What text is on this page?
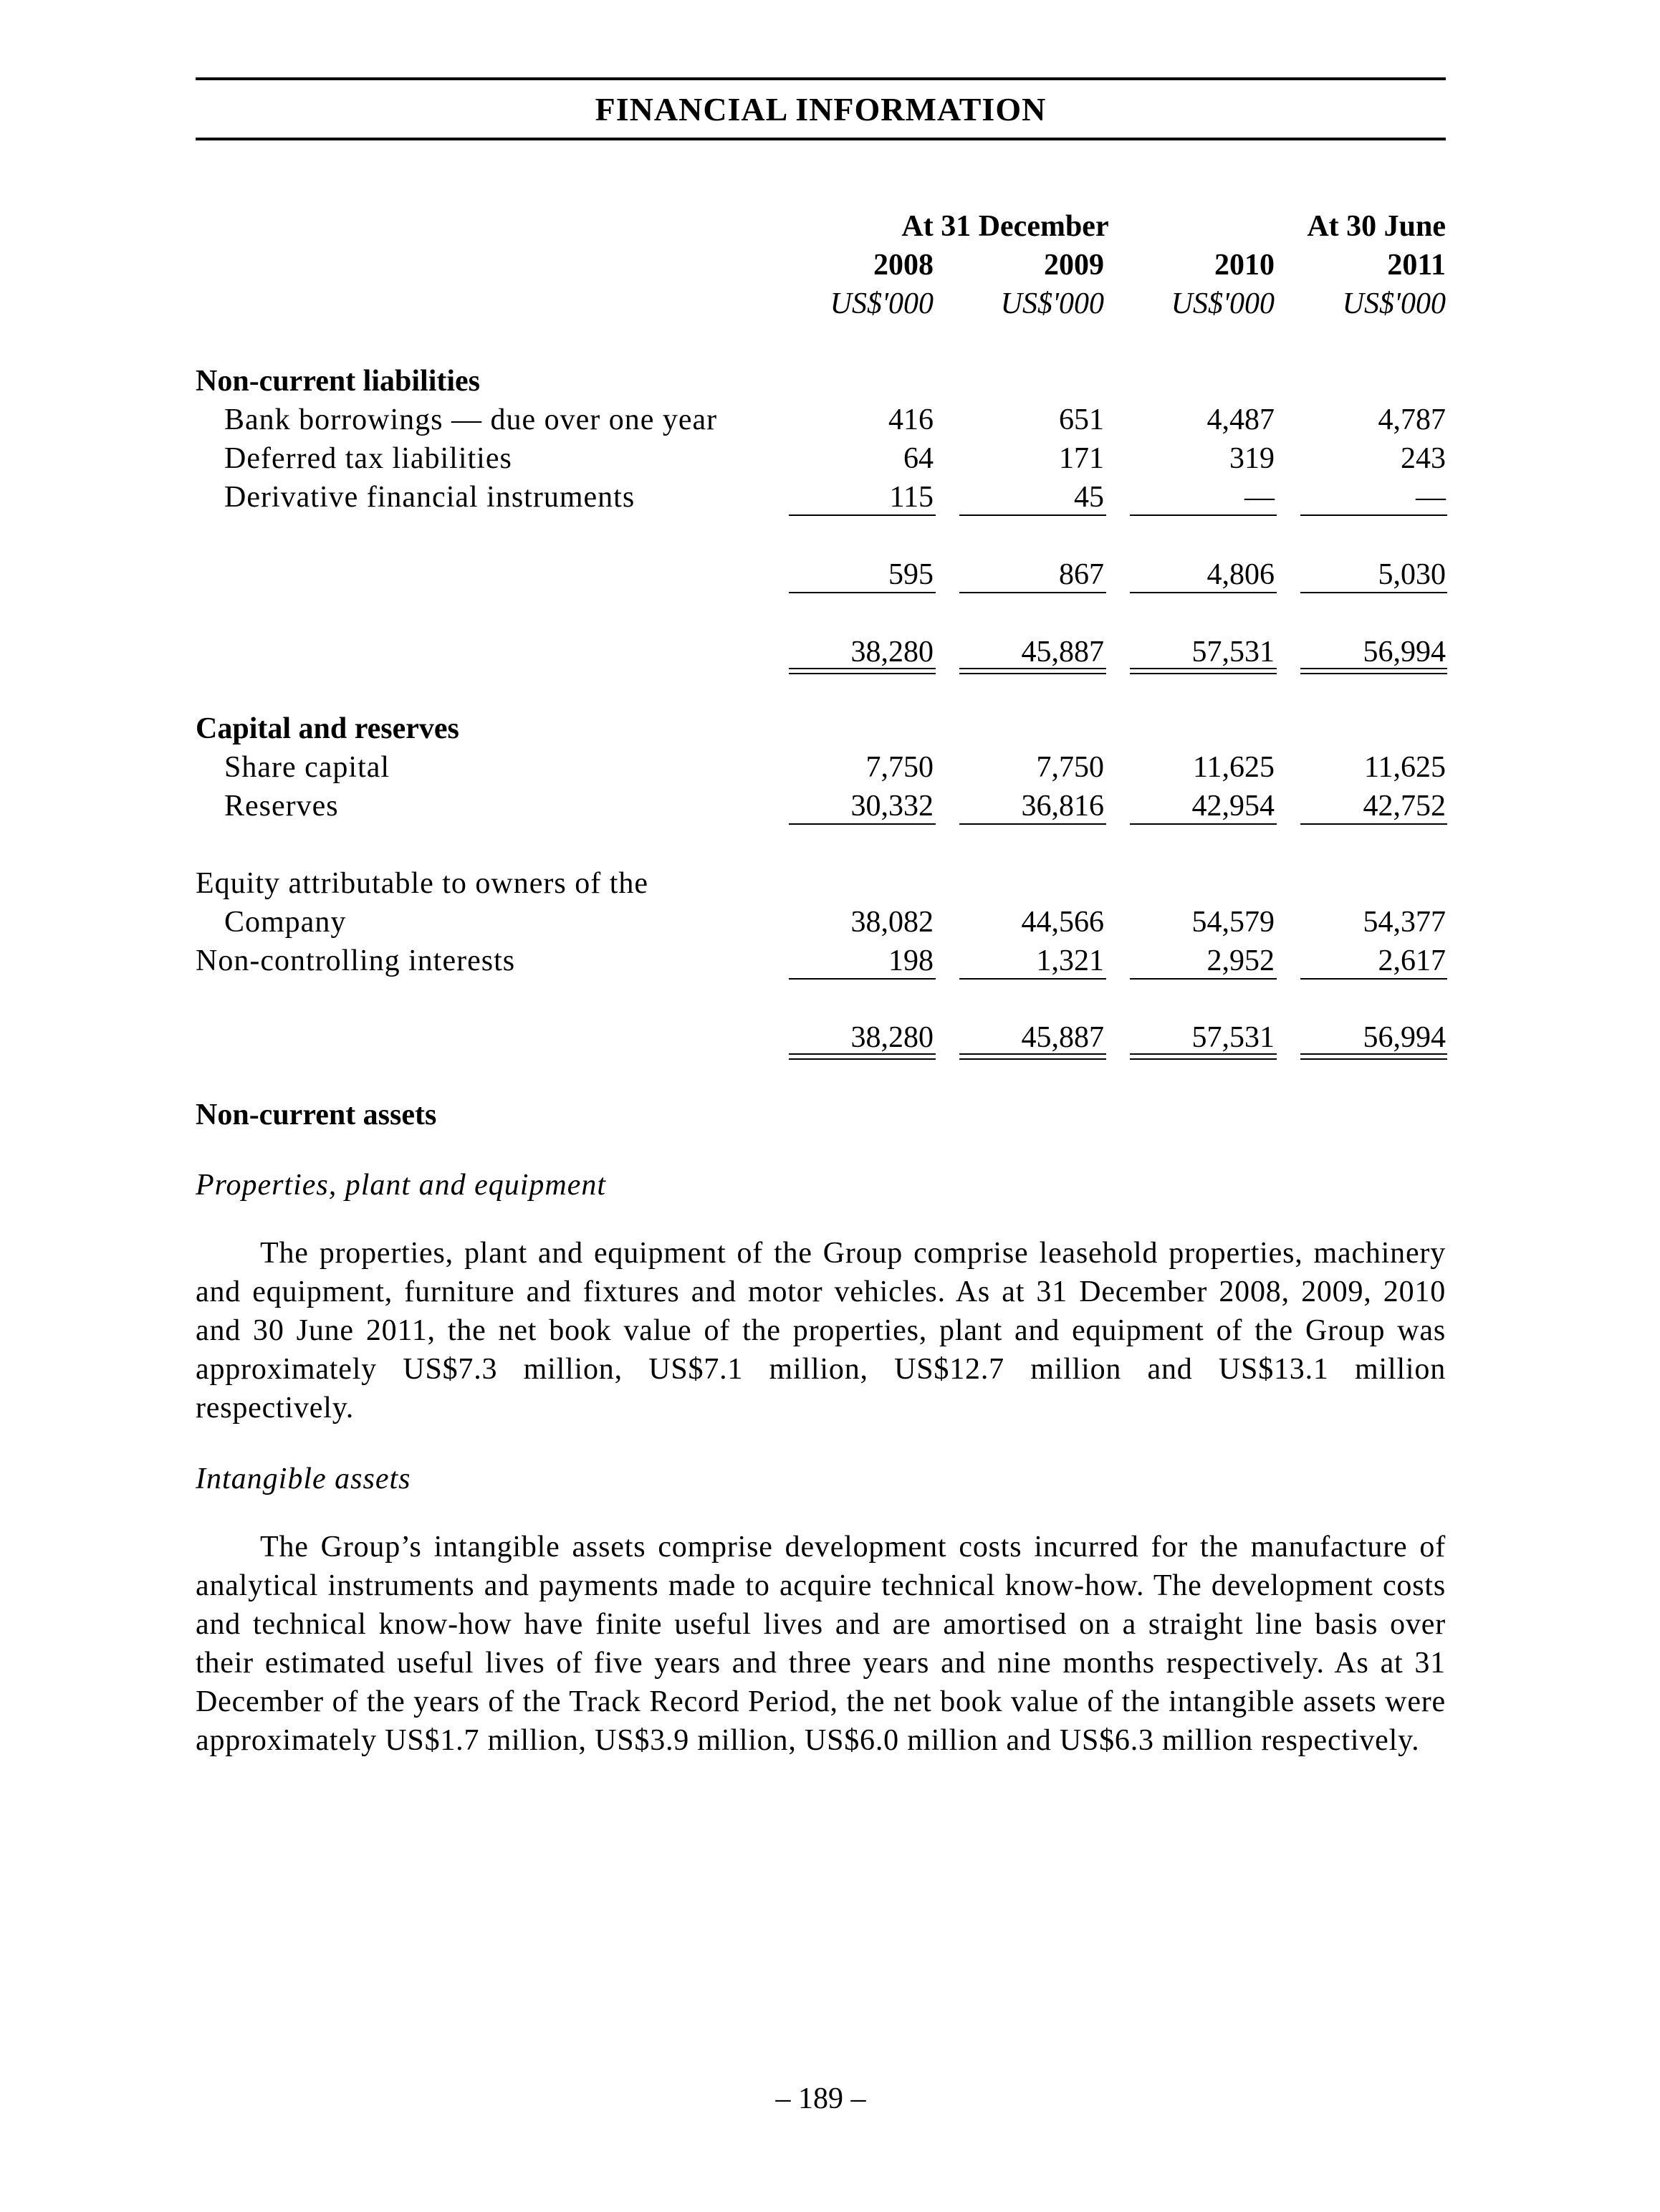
FINANCIAL INFORMATION
At 31 December	At 30 June
2008	2009	2010	2011
US$'000	US$'000	US$'000	US$'000
Non-current liabilities
Bank borrowings — due over one year	416	651	4,487	4,787
Deferred tax liabilities	64	171	319	243
Derivative financial instruments	115	45	—	—
595	867	4,806	5,030
38,280	45,887	57,531	56,994
Capital and reserves
Share capital	7,750	7,750	11,625	11,625
Reserves	30,332	36,816	42,954	42,752
Equity attributable to owners of the
Company	38,082	44,566	54,579	54,377
Non-controlling interests	198	1,321	2,952	2,617
38,280	45,887	57,531	56,994
Non-current assets
Properties, plant and equipment
The properties, plant and equipment of the Group comprise leasehold properties, machinery and equipment, furniture and fixtures and motor vehicles. As at 31 December 2008, 2009, 2010 and 30 June 2011, the net book value of the properties, plant and equipment of the Group was approximately US$7.3 million, US$7.1 million, US$12.7 million and US$13.1 million respectively.
Intangible assets
The Group’s intangible assets comprise development costs incurred for the manufacture of analytical instruments and payments made to acquire technical know-how. The development costs and technical know-how have finite useful lives and are amortised on a straight line basis over their estimated useful lives of five years and three years and nine months respectively. As at 31 December of the years of the Track Record Period, the net book value of the intangible assets were approximately US$1.7 million, US$3.9 million, US$6.0 million and US$6.3 million respectively.
– 189 –
